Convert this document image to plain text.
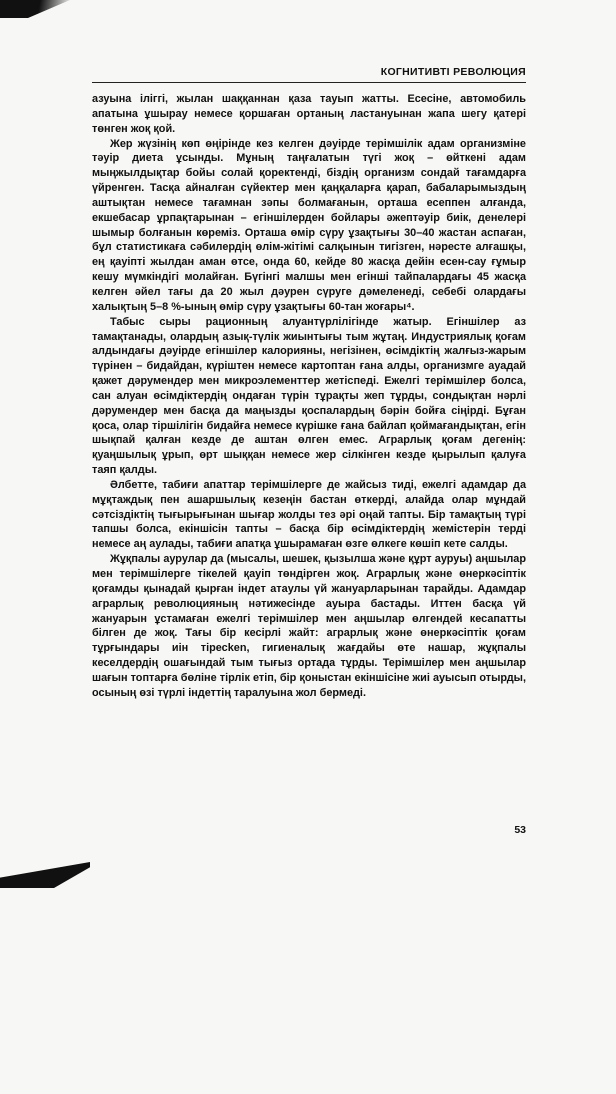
КОГНИТИВТІ РЕВОЛЮЦИЯ

азуына іліггі, жылан шаққаннан қаза тауып жатты. Есесіне, автомобиль апатына ұшырау немесе қоршаған ортаның ластануынан жапа шегу қатері төнген жоқ қой.

Жер жүзінің көп өңірінде кез келген дәуірде терімшілік адам организміне тәуір диета ұсынды. Мұның таңғалатын түгі жоқ – өйткені адам мыңжылдықтар бойы солай қоректенді, біздің организм сондай тағамдарға үйренген. Тасқа айналған сүйектер мен қаңқаларға қарап, бабаларымыздың аштықтан немесе тағамнан зәпы болмағанын, орташа есеппен алғанда, екшебасар ұрпақтарынан – егіншілерден бойлары әжептәуір биік, денелері шымыр болғанын көреміз. Орташа өмір сүру ұзақтығы 30–40 жастан аспаған, бұл статистикаға сәбилердің өлім-жітімі салқынын тигізген, нәресте алғашқы, ең қауіпті жылдан аман өтсе, онда 60, кейде 80 жасқа дейін есен-сау ғұмыр кешу мүмкіндігі молайған. Бүгінгі малшы мен егінші тайпалардағы 45 жасқа келген әйел тағы да 20 жыл дәурен сүруге дәмеленеді, себебі олардағы халықтың 5–8 %-ының өмір сүру ұзақтығы 60-тан жоғары⁴.

Табыс сыры рационның алуантүрлілігінде жатыр. Егіншілер аз тамақтанады, олардың азық-түлік жиынтығы тым жұтаң. Индустриялық қоғам алдындағы дәуірде егіншілер калорияны, негізінен, өсімдіктің жалғыз-жарым түрінен – бидайдан, күріштен немесе картоптан ғана алды, организмге ауадай қажет дәрумендер мен микроэлементтер жетіспеді. Ежелгі терімшілер болса, сан алуан өсімдіктердің ондаған түрін тұрақты жеп тұрды, сондықтан нәрлі дәрумендер мен басқа да маңызды қоспалардың бәрін бойға сіңірді. Бұған қоса, олар тіршілігін бидайға немесе күрішке ғана байлап қоймағандықтан, егін шықпай қалған кезде де аштан өлген емес. Аграрлық қоғам дегенің: қуаңшылық ұрып, өрт шыққан немесе жер сілкінген кезде қырылып қалуға таяп қалды.

Әлбетте, табиғи апаттар терімшілерге де жайсыз тиді, ежелгі адамдар да мұқтаждық пен ашаршылық кезеңін бастан өткерді, алайда олар мұндай сәтсіздіктің тығырығынан шығар жолды тез әрі оңай тапты. Бір тамақтың түрі тапшы болса, екіншісін тапты – басқа бір өсімдіктердің жемістерін терді немесе аң аулады, табиғи апатқа ұшырамаған өзге өлкеге көшіп кете салды.

Жұқпалы аурулар да (мысалы, шешек, қызылша және құрт ауруы) аңшылар мен терімшілерге тікелей қауіп төндірген жоқ. Аграрлық және өнеркәсіптік қоғамды қынадай қырған індет атаулы үй жануарларынан тарайды. Адамдар аграрлық революцияның нәтижесінде ауыра бастады. Иттен басқа үй жануарын ұстамаған ежелгі терімшілер мен аңшылар өлгендей кесапатты білген де жоқ. Тағы бір кесірлі жайт: аграрлық және өнеркәсіптік қоғам тұрғындары иін тіресken, гигиеналық жағдайы өте нашар, жұқпалы кеселдердің ошағындай тым тығыз ортада тұрды. Терімшілер мен аңшылар шағын топтарға бөліне тірлік етіп, бір қоныстан екіншісіне жиі ауысып отырды, осының өзі түрлі індеттің таралуына жол бермеді.

53
